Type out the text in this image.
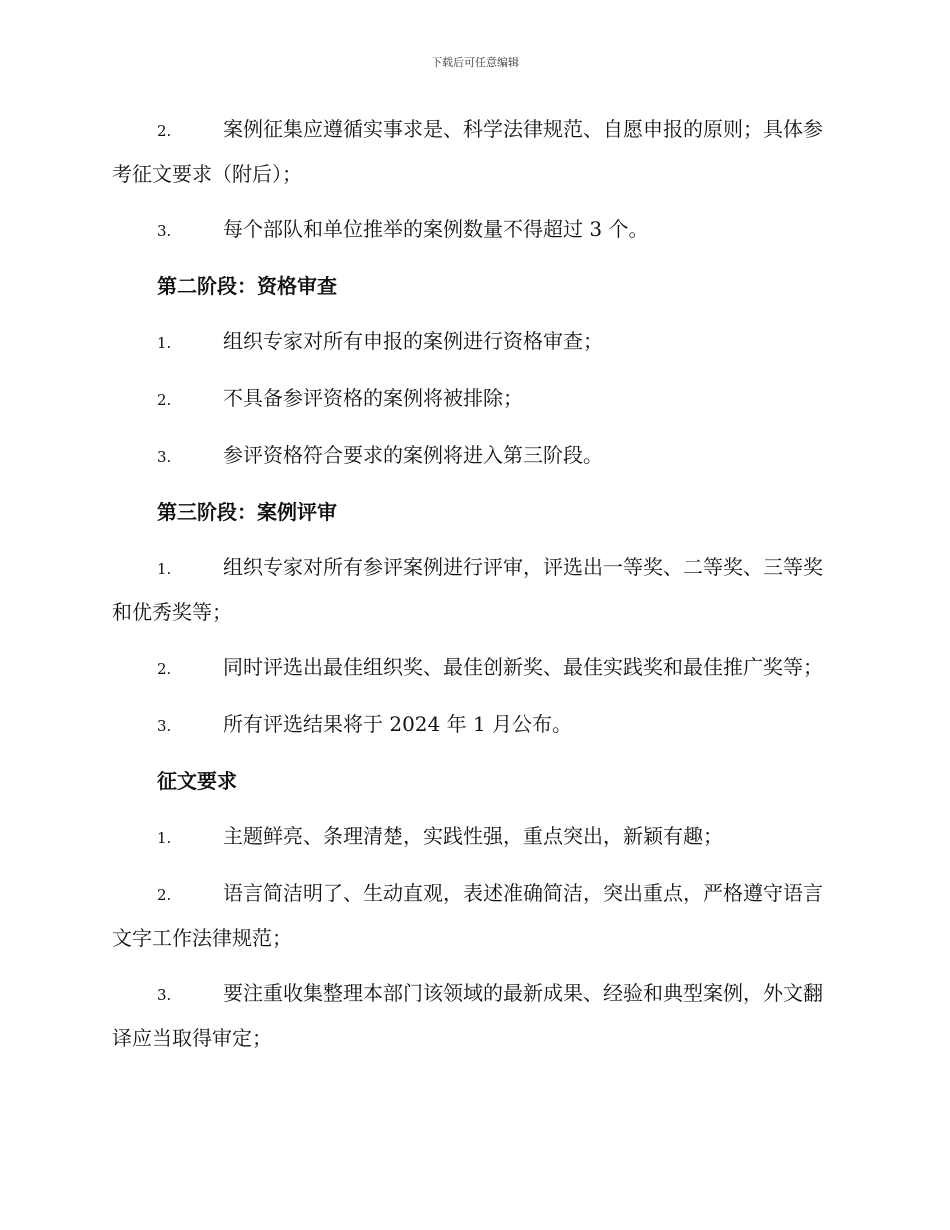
下载后可任意编辑

2.	案例征集应遵循实事求是、科学法律规范、自愿申报的原则；具体参考征文要求（附后）；

3.	每个部队和单位推举的案例数量不得超过 3 个。

第二阶段：资格审查

1.	组织专家对所有申报的案例进行资格审查；

2.	不具备参评资格的案例将被排除；

3.	参评资格符合要求的案例将进入第三阶段。

第三阶段：案例评审

1.	组织专家对所有参评案例进行评审，评选出一等奖、二等奖、三等奖和优秀奖等；

2.	同时评选出最佳组织奖、最佳创新奖、最佳实践奖和最佳推广奖等；

3.	所有评选结果将于 2024 年 1 月公布。

征文要求

1.	主题鲜亮、条理清楚，实践性强，重点突出，新颖有趣；

2.	语言简洁明了、生动直观，表述准确简洁，突出重点，严格遵守语言文字工作法律规范；

3.	要注重收集整理本部门该领域的最新成果、经验和典型案例，外文翻译应当取得审定；
